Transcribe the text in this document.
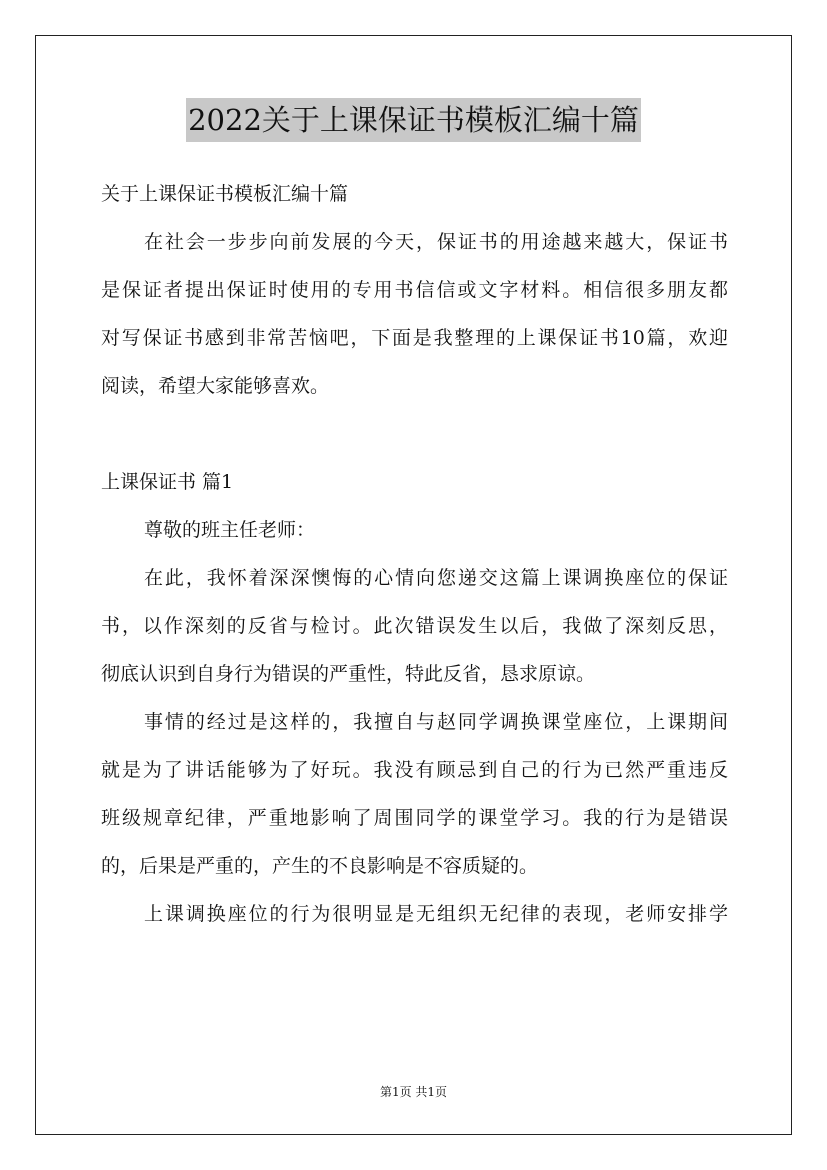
2022关于上课保证书模板汇编十篇
关于上课保证书模板汇编十篇
在社会一步步向前发展的今天，保证书的用途越来越大，保证书
是保证者提出保证时使用的专用书信信或文字材料。相信很多朋友都
对写保证书感到非常苦恼吧，下面是我整理的上课保证书10篇，欢迎
阅读，希望大家能够喜欢。
上课保证书 篇1
尊敬的班主任老师：
在此，我怀着深深懊悔的心情向您递交这篇上课调换座位的保证
书，以作深刻的反省与检讨。此次错误发生以后，我做了深刻反思，
彻底认识到自身行为错误的严重性，特此反省，恳求原谅。
事情的经过是这样的，我擅自与赵同学调换课堂座位，上课期间
就是为了讲话能够为了好玩。我没有顾忌到自己的行为已然严重违反
班级规章纪律，严重地影响了周围同学的课堂学习。我的行为是错误
的，后果是严重的，产生的不良影响是不容质疑的。
上课调换座位的行为很明显是无组织无纪律的表现，老师安排学
第1页 共1页
